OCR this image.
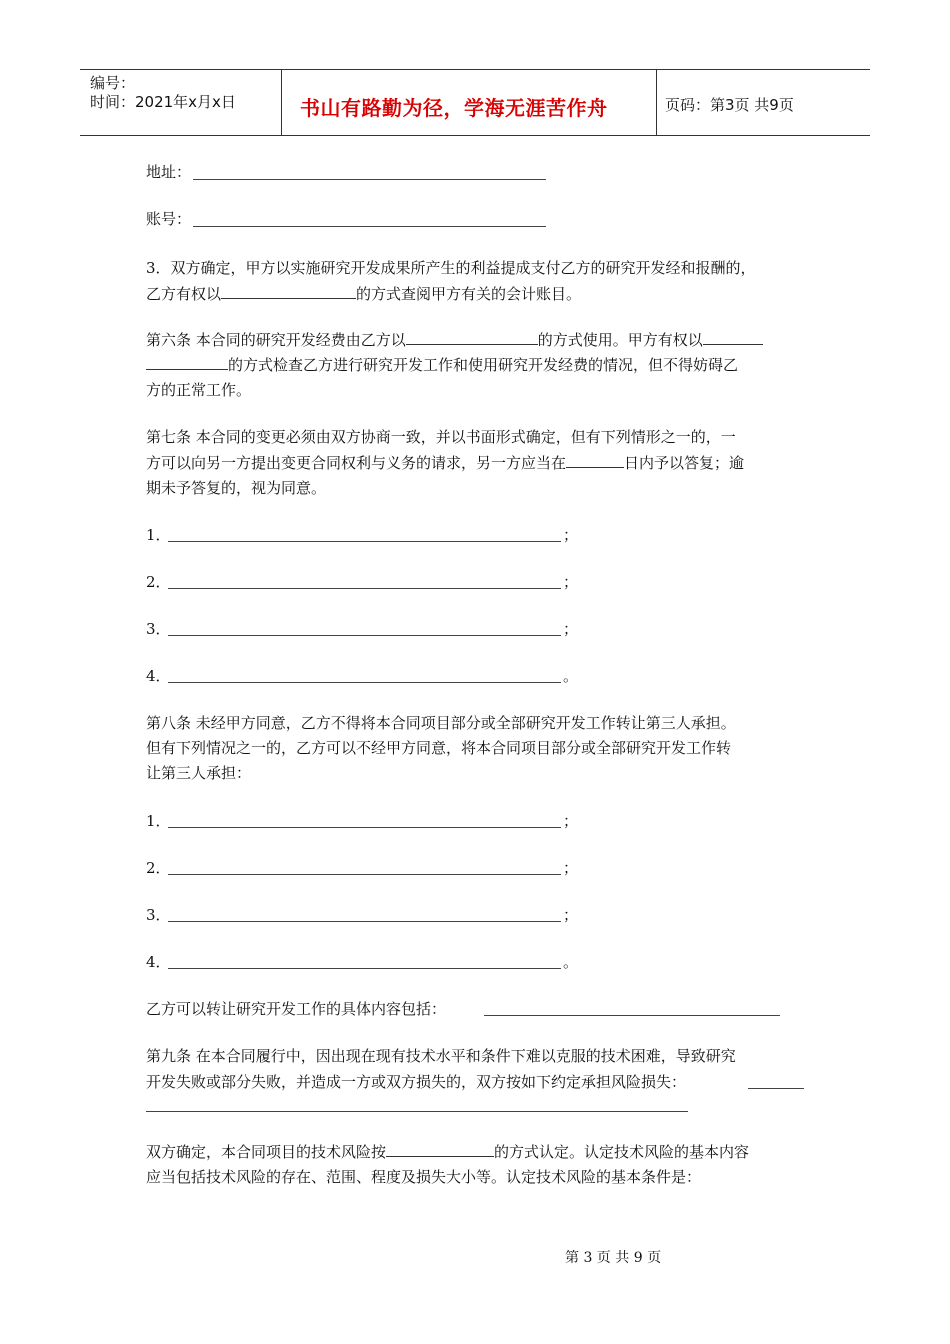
编号：
时间：2021年x月x日	书山有路勤为径，学海无涯苦作舟	页码：第3页 共9页
地址：
账号：
3．双方确定，甲方以实施研究开发成果所产生的利益提成支付乙方的研究开发经和报酬的，
乙方有权以	的方式查阅甲方有关的会计账目。
第六条 本合同的研究开发经费由乙方以	的方式使用。甲方有权以
的方式检查乙方进行研究开发工作和使用研究开发经费的情况，但不得妨碍乙
方的正常工作。
第七条 本合同的变更必须由双方协商一致，并以书面形式确定，但有下列情形之一的，一
方可以向另一方提出变更合同权利与义务的请求，另一方应当在	日内予以答复；逾
期未予答复的，视为同意。
1．	；
2．	；
3．	；
4．	。
第八条 未经甲方同意，乙方不得将本合同项目部分或全部研究开发工作转让第三人承担。
但有下列情况之一的，乙方可以不经甲方同意，将本合同项目部分或全部研究开发工作转
让第三人承担：
1．	；
2．	；
3．	；
4．	。
乙方可以转让研究开发工作的具体内容包括：
第九条 在本合同履行中，因出现在现有技术水平和条件下难以克服的技术困难，导致研究
开发失败或部分失败，并造成一方或双方损失的，双方按如下约定承担风险损失：
双方确定，本合同项目的技术风险按	的方式认定。认定技术风险的基本内容
应当包括技术风险的存在、范围、程度及损失大小等。认定技术风险的基本条件是：
第 3 页 共 9 页
